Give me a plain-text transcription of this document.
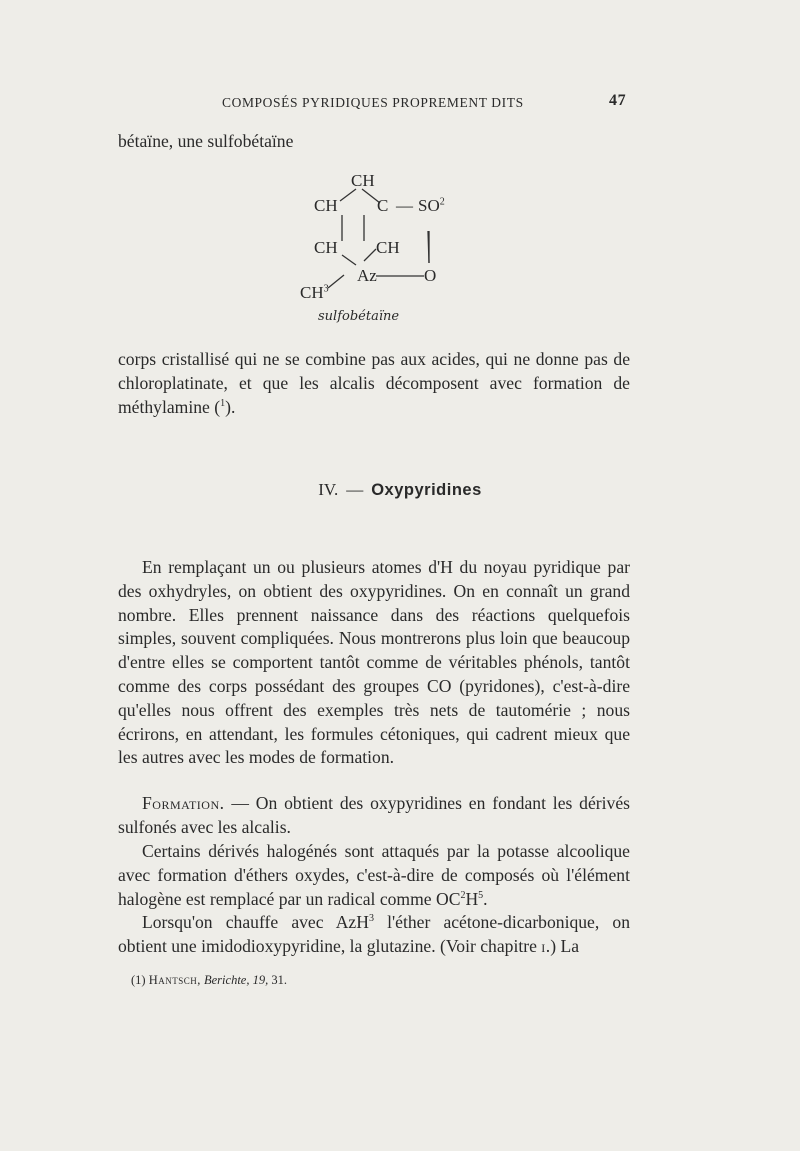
COMPOSÉS PYRIDIQUES PROPREMENT DITS	47
bétaïne, une sulfobétaïne
CH
CH C — $SO^2$
CH CH
Az	O
$CH^3$
sulfobétaïne
corps cristallisé qui ne se combine pas aux acides, qui ne donne pas de chloroplatinate, et que les alcalis décomposent avec formation de méthylamine ($^1$).
IV. — Oxypyridines
En remplaçant un ou plusieurs atomes d'H du noyau pyridique par des oxhydryles, on obtient des oxypyridines. On en connaît un grand nombre. Elles prennent naissance dans des réactions quelquefois simples, souvent compliquées. Nous montrerons plus loin que beaucoup d'entre elles se comportent tantôt comme de véritables phénols, tantôt comme des corps possédant des groupes CO (pyridones), c'est-à-dire qu'elles nous offrent des exemples très nets de tautomérie ; nous écrirons, en attendant, les formules cétoniques, qui cadrent mieux que les autres avec les modes de formation.
Formation. — On obtient des oxypyridines en fondant les dérivés sulfonés avec les alcalis.
Certains dérivés halogénés sont attaqués par la potasse alcoolique avec formation d'éthers oxydes, c'est-à-dire de composés où l'élément halogène est remplacé par un radical comme $OC^2H^5$.
Lorsqu'on chauffe avec AzH$^3$ l'éther acétone-dicarbonique, on obtient une imidodioxypyridine, la glutazine. (Voir chapitre i.) La
(1) Hantsch, Berichte, 19, 31.
